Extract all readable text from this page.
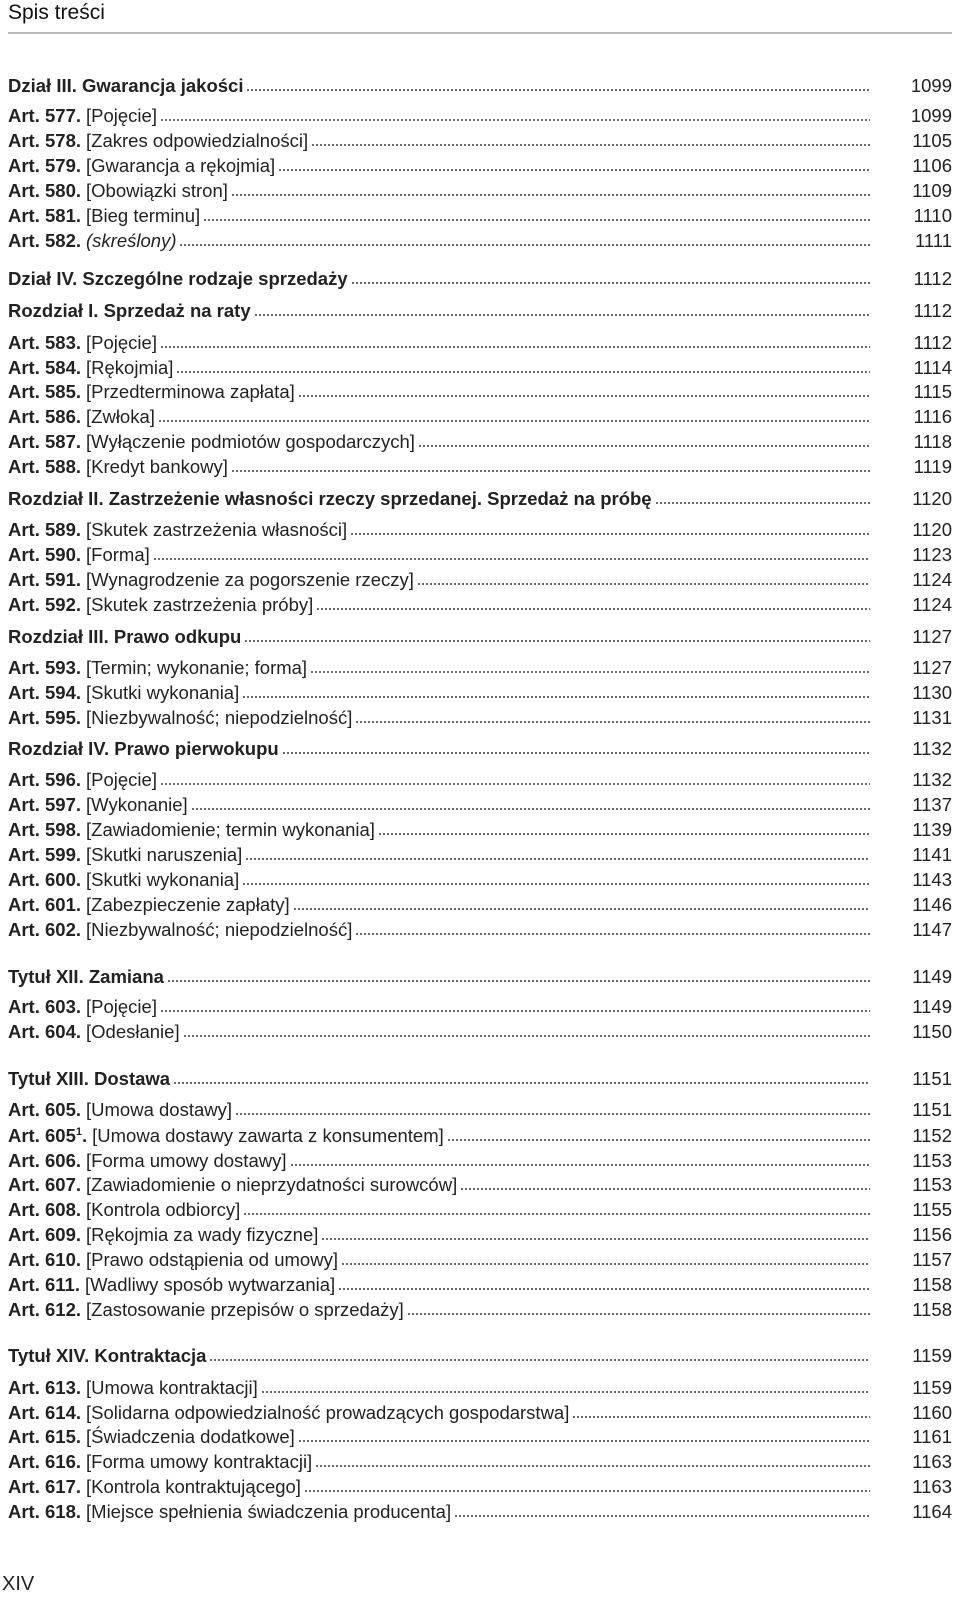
Spis treści
Dział III. Gwarancja jakości	1099
Art. 577. [Pojęcie]	1099
Art. 578. [Zakres odpowiedzialności]	1105
Art. 579. [Gwarancja a rękojmia]	1106
Art. 580. [Obowiązki stron]	1109
Art. 581. [Bieg terminu]	1110
Art. 582. (skreślony)	1111
Dział IV. Szczególne rodzaje sprzedaży	1112
Rozdział I. Sprzedaż na raty	1112
Art. 583. [Pojęcie]	1112
Art. 584. [Rękojmia]	1114
Art. 585. [Przedterminowa zapłata]	1115
Art. 586. [Zwłoka]	1116
Art. 587. [Wyłączenie podmiotów gospodarczych]	1118
Art. 588. [Kredyt bankowy]	1119
Rozdział II. Zastrzeżenie własności rzeczy sprzedanej. Sprzedaż na próbę	1120
Art. 589. [Skutek zastrzeżenia własności]	1120
Art. 590. [Forma]	1123
Art. 591. [Wynagrodzenie za pogorszenie rzeczy]	1124
Art. 592. [Skutek zastrzeżenia próby]	1124
Rozdział III. Prawo odkupu	1127
Art. 593. [Termin; wykonanie; forma]	1127
Art. 594. [Skutki wykonania]	1130
Art. 595. [Niezbywalność; niepodzielność]	1131
Rozdział IV. Prawo pierwokupu	1132
Art. 596. [Pojęcie]	1132
Art. 597. [Wykonanie]	1137
Art. 598. [Zawiadomienie; termin wykonania]	1139
Art. 599. [Skutki naruszenia]	1141
Art. 600. [Skutki wykonania]	1143
Art. 601. [Zabezpieczenie zapłaty]	1146
Art. 602. [Niezbywalność; niepodzielność]	1147
Tytuł XII. Zamiana	1149
Art. 603. [Pojęcie]	1149
Art. 604. [Odesłanie]	1150
Tytuł XIII. Dostawa	1151
Art. 605. [Umowa dostawy]	1151
Art. $605^1$. [Umowa dostawy zawarta z konsumentem]	1152
Art. 606. [Forma umowy dostawy]	1153
Art. 607. [Zawiadomienie o nieprzydatności surowców]	1153
Art. 608. [Kontrola odbiorcy]	1155
Art. 609. [Rękojmia za wady fizyczne]	1156
Art. 610. [Prawo odstąpienia od umowy]	1157
Art. 611. [Wadliwy sposób wytwarzania]	1158
Art. 612. [Zastosowanie przepisów o sprzedaży]	1158
Tytuł XIV. Kontraktacja	1159
Art. 613. [Umowa kontraktacji]	1159
Art. 614. [Solidarna odpowiedzialność prowadzących gospodarstwa]	1160
Art. 615. [Świadczenia dodatkowe]	1161
Art. 616. [Forma umowy kontraktacji]	1163
Art. 617. [Kontrola kontraktującego]	1163
Art. 618. [Miejsce spełnienia świadczenia producenta]	1164
XIV
